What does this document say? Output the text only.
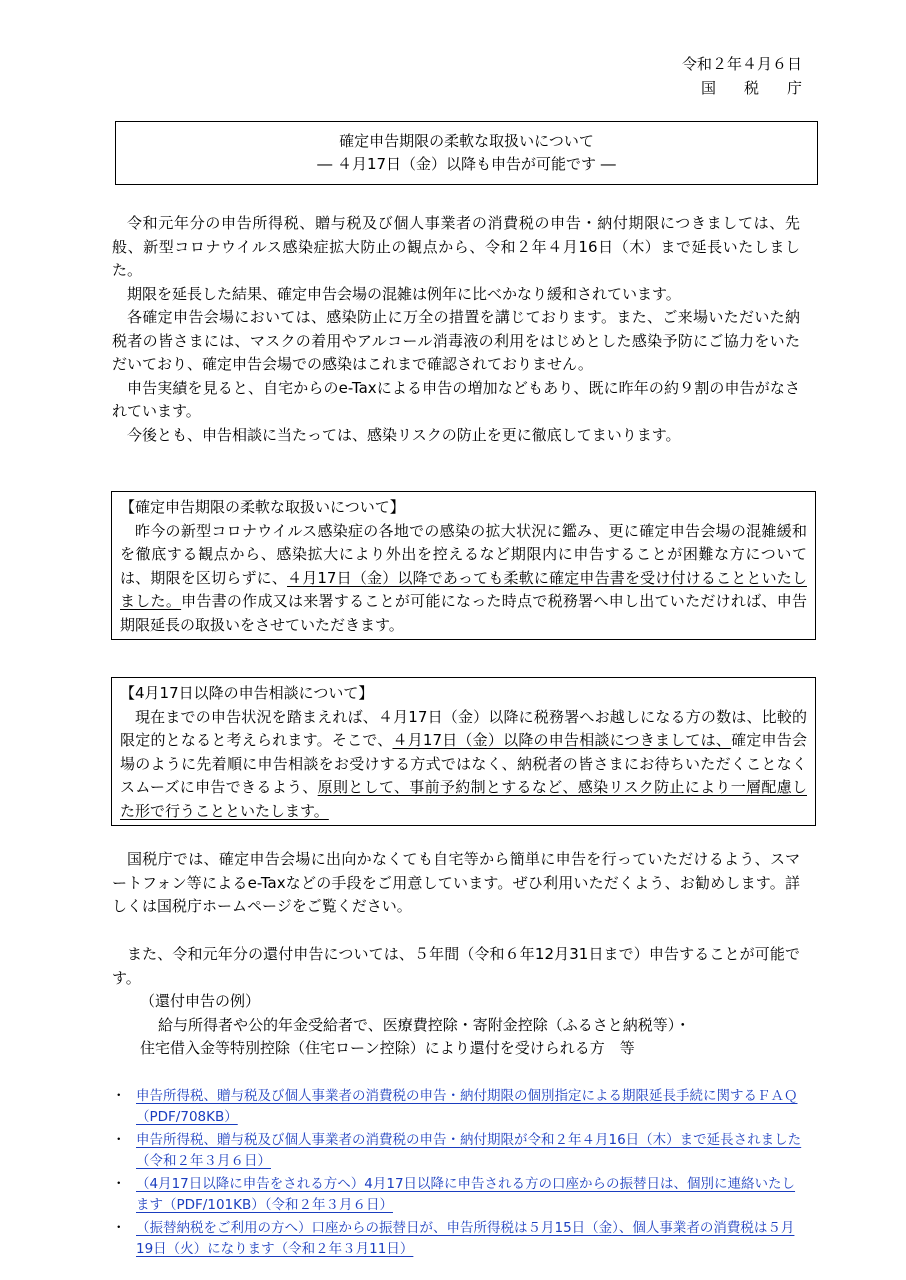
令和２年４月６日
国税庁
確定申告期限の柔軟な取扱いについて
― ４月17日（金）以降も申告が可能です ―

令和元年分の申告所得税、贈与税及び個人事業者の消費税の申告・納付期限につきましては、先般、新型コロナウイルス感染症拡大防止の観点から、令和２年４月16日（木）まで延長いたしました。

期限を延長した結果、確定申告会場の混雑は例年に比べかなり緩和されています。

各確定申告会場においては、感染防止に万全の措置を講じております。また、ご来場いただいた納税者の皆さまには、マスクの着用やアルコール消毒液の利用をはじめとした感染予防にご協力をいただいており、確定申告会場での感染はこれまで確認されておりません。

申告実績を見ると、自宅からのe-Taxによる申告の増加などもあり、既に昨年の約９割の申告がなされています。

今後とも、申告相談に当たっては、感染リスクの防止を更に徹底してまいります。

【確定申告期限の柔軟な取扱いについて】

昨今の新型コロナウイルス感染症の各地での感染の拡大状況に鑑み、更に確定申告会場の混雑緩和を徹底する観点から、感染拡大により外出を控えるなど期限内に申告することが困難な方については、期限を区切らずに、４月17日（金）以降であっても柔軟に確定申告書を受け付けることといたしました。申告書の作成又は来署することが可能になった時点で税務署へ申し出ていただければ、申告期限延長の取扱いをさせていただきます。

【4月17日以降の申告相談について】

現在までの申告状況を踏まえれば、４月17日（金）以降に税務署へお越しになる方の数は、比較的限定的となると考えられます。そこで、４月17日（金）以降の申告相談につきましては、確定申告会場のように先着順に申告相談をお受けする方式ではなく、納税者の皆さまにお待ちいただくことなくスムーズに申告できるよう、原則として、事前予約制とするなど、感染リスク防止により一層配慮した形で行うことといたします。

国税庁では、確定申告会場に出向かなくても自宅等から簡単に申告を行っていただけるよう、スマートフォン等によるe-Taxなどの手段をご用意しています。ぜひ利用いただくよう、お勧めします。詳しくは国税庁ホームページをご覧ください。

また、令和元年分の還付申告については、５年間（令和６年12月31日まで）申告することが可能です。

（還付申告の例）

給与所得者や公的年金受給者で、医療費控除・寄附金控除（ふるさと納税等）・

住宅借入金等特別控除（住宅ローン控除）により還付を受けられる方　等

・ 申告所得税、贈与税及び個人事業者の消費税の申告・納付期限の個別指定による期限延長手続に関するＦＡＱ（PDF/708KB）
・ 申告所得税、贈与税及び個人事業者の消費税の申告・納付期限が令和２年４月16日（木）まで延長されました（令和２年３月６日）
・ （4月17日以降に申告をされる方へ）4月17日以降に申告される方の口座からの振替日は、個別に連絡いたします（PDF/101KB）（令和２年３月６日）
・ （振替納税をご利用の方へ）口座からの振替日が、申告所得税は５月15日（金）、個人事業者の消費税は５月19日（火）になります（令和２年３月11日）
